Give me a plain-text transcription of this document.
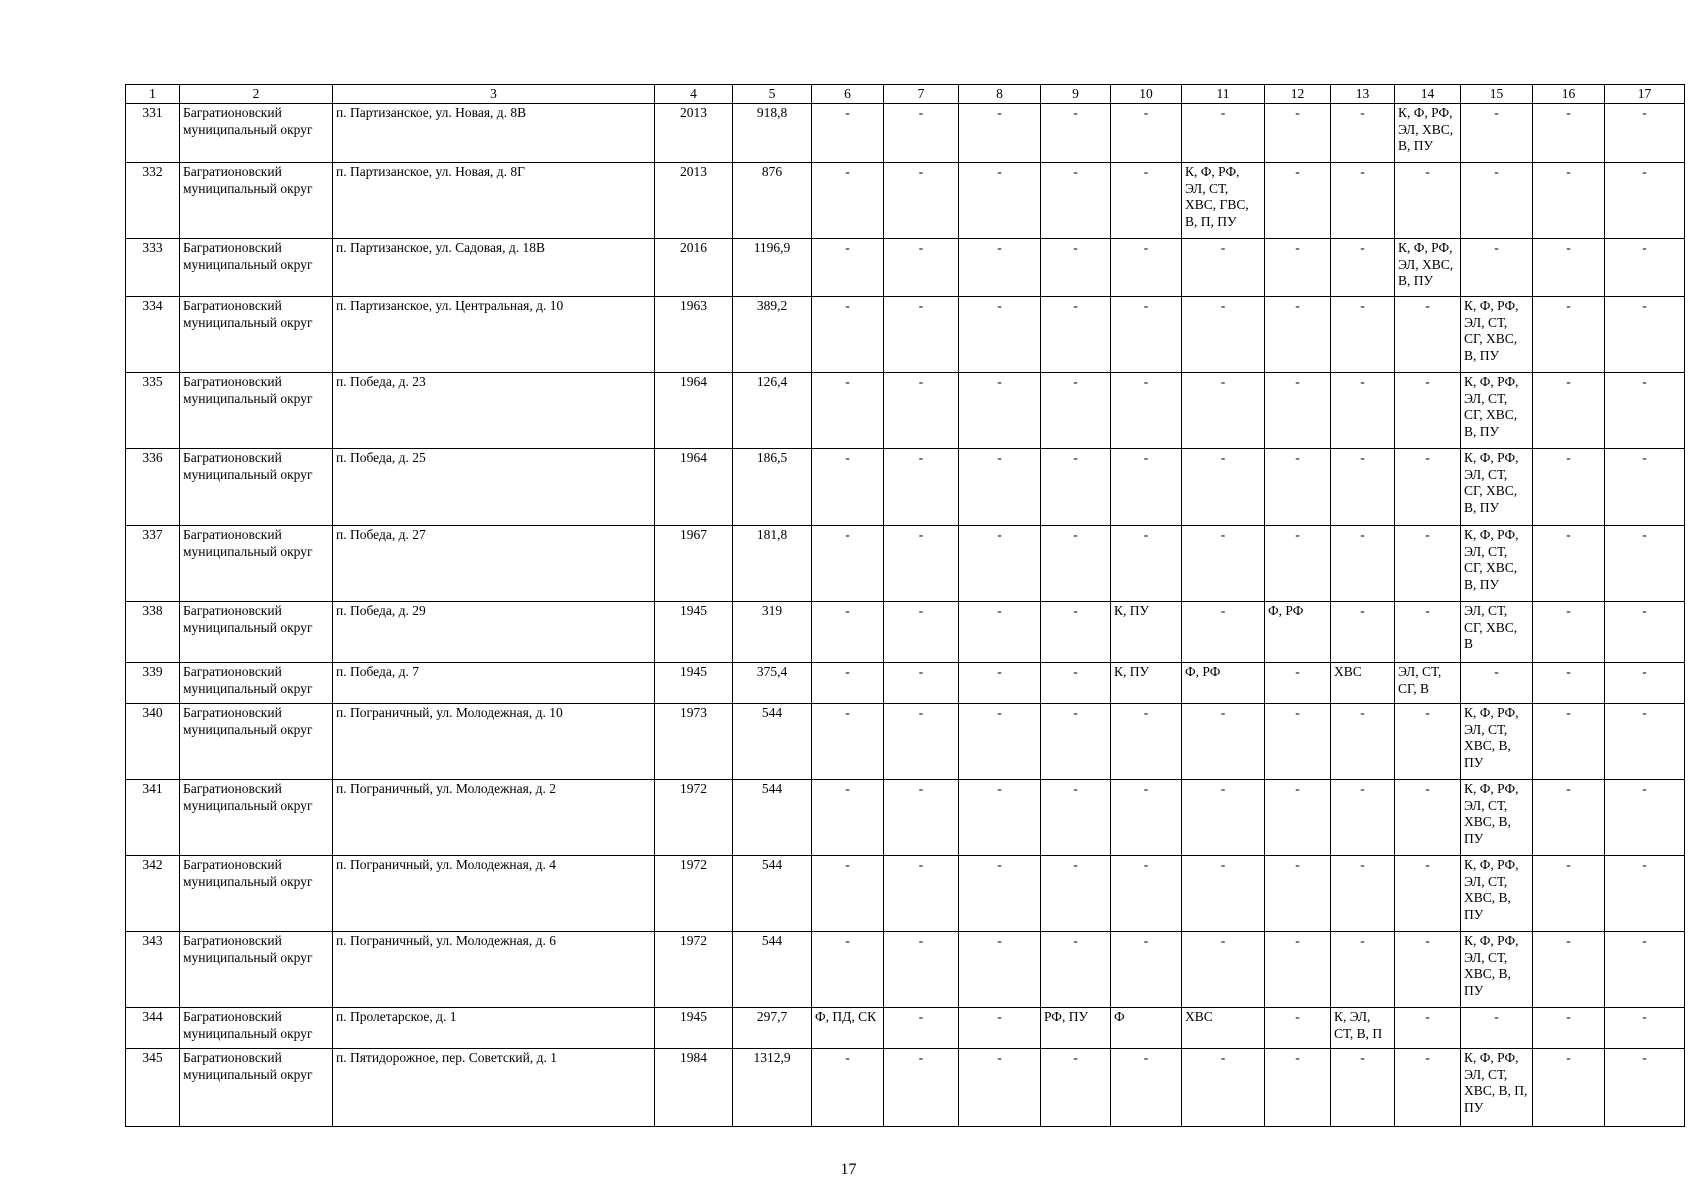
1	2	3	4	5	6	7	8	9	10	11	12	13	14	15	16	17
331	Багратионовский муниципальный округ	п. Партизанское, ул. Новая, д. 8В	2013	918,8	-	-	-	-	-	-	-	-	К, Ф, РФ, ЭЛ, ХВС, В, ПУ	-	-	-
332	Багратионовский муниципальный округ	п. Партизанское, ул. Новая, д. 8Г	2013	876	-	-	-	-	-	К, Ф, РФ, ЭЛ, СТ, ХВС, ГВС, В, П, ПУ	-	-	-	-	-	-
333	Багратионовский муниципальный округ	п. Партизанское, ул. Садовая, д. 18В	2016	1196,9	-	-	-	-	-	-	-	-	К, Ф, РФ, ЭЛ, ХВС, В, ПУ	-	-	-
334	Багратионовский муниципальный округ	п. Партизанское, ул. Центральная, д. 10	1963	389,2	-	-	-	-	-	-	-	-	-	К, Ф, РФ, ЭЛ, СТ, СГ, ХВС, В, ПУ	-	-
335	Багратионовский муниципальный округ	п. Победа, д. 23	1964	126,4	-	-	-	-	-	-	-	-	-	К, Ф, РФ, ЭЛ, СТ, СГ, ХВС, В, ПУ	-	-
336	Багратионовский муниципальный округ	п. Победа, д. 25	1964	186,5	-	-	-	-	-	-	-	-	-	К, Ф, РФ, ЭЛ, СТ, СГ, ХВС, В, ПУ	-	-
337	Багратионовский муниципальный округ	п. Победа, д. 27	1967	181,8	-	-	-	-	-	-	-	-	-	К, Ф, РФ, ЭЛ, СТ, СГ, ХВС, В, ПУ	-	-
338	Багратионовский муниципальный округ	п. Победа, д. 29	1945	319	-	-	-	-	К, ПУ	-	Ф, РФ	-	-	ЭЛ, СТ, СГ, ХВС, В	-	-
339	Багратионовский муниципальный округ	п. Победа, д. 7	1945	375,4	-	-	-	-	К, ПУ	Ф, РФ	-	ХВС	ЭЛ, СТ, СГ, В	-	-	-
340	Багратионовский муниципальный округ	п. Пограничный, ул. Молодежная, д. 10	1973	544	-	-	-	-	-	-	-	-	-	К, Ф, РФ, ЭЛ, СТ, ХВС, В, ПУ	-	-
341	Багратионовский муниципальный округ	п. Пограничный, ул. Молодежная, д. 2	1972	544	-	-	-	-	-	-	-	-	-	К, Ф, РФ, ЭЛ, СТ, ХВС, В, ПУ	-	-
342	Багратионовский муниципальный округ	п. Пограничный, ул. Молодежная, д. 4	1972	544	-	-	-	-	-	-	-	-	-	К, Ф, РФ, ЭЛ, СТ, ХВС, В, ПУ	-	-
343	Багратионовский муниципальный округ	п. Пограничный, ул. Молодежная, д. 6	1972	544	-	-	-	-	-	-	-	-	-	К, Ф, РФ, ЭЛ, СТ, ХВС, В, ПУ	-	-
344	Багратионовский муниципальный округ	п. Пролетарское, д. 1	1945	297,7	Ф, ПД, СК	-	-	РФ, ПУ	Ф	ХВС	-	К, ЭЛ, СТ, В, П	-	-	-	-
345	Багратионовский муниципальный округ	п. Пятидорожное, пер. Советский, д. 1	1984	1312,9	-	-	-	-	-	-	-	-	-	К, Ф, РФ, ЭЛ, СТ, ХВС, В, П, ПУ	-	-
17
